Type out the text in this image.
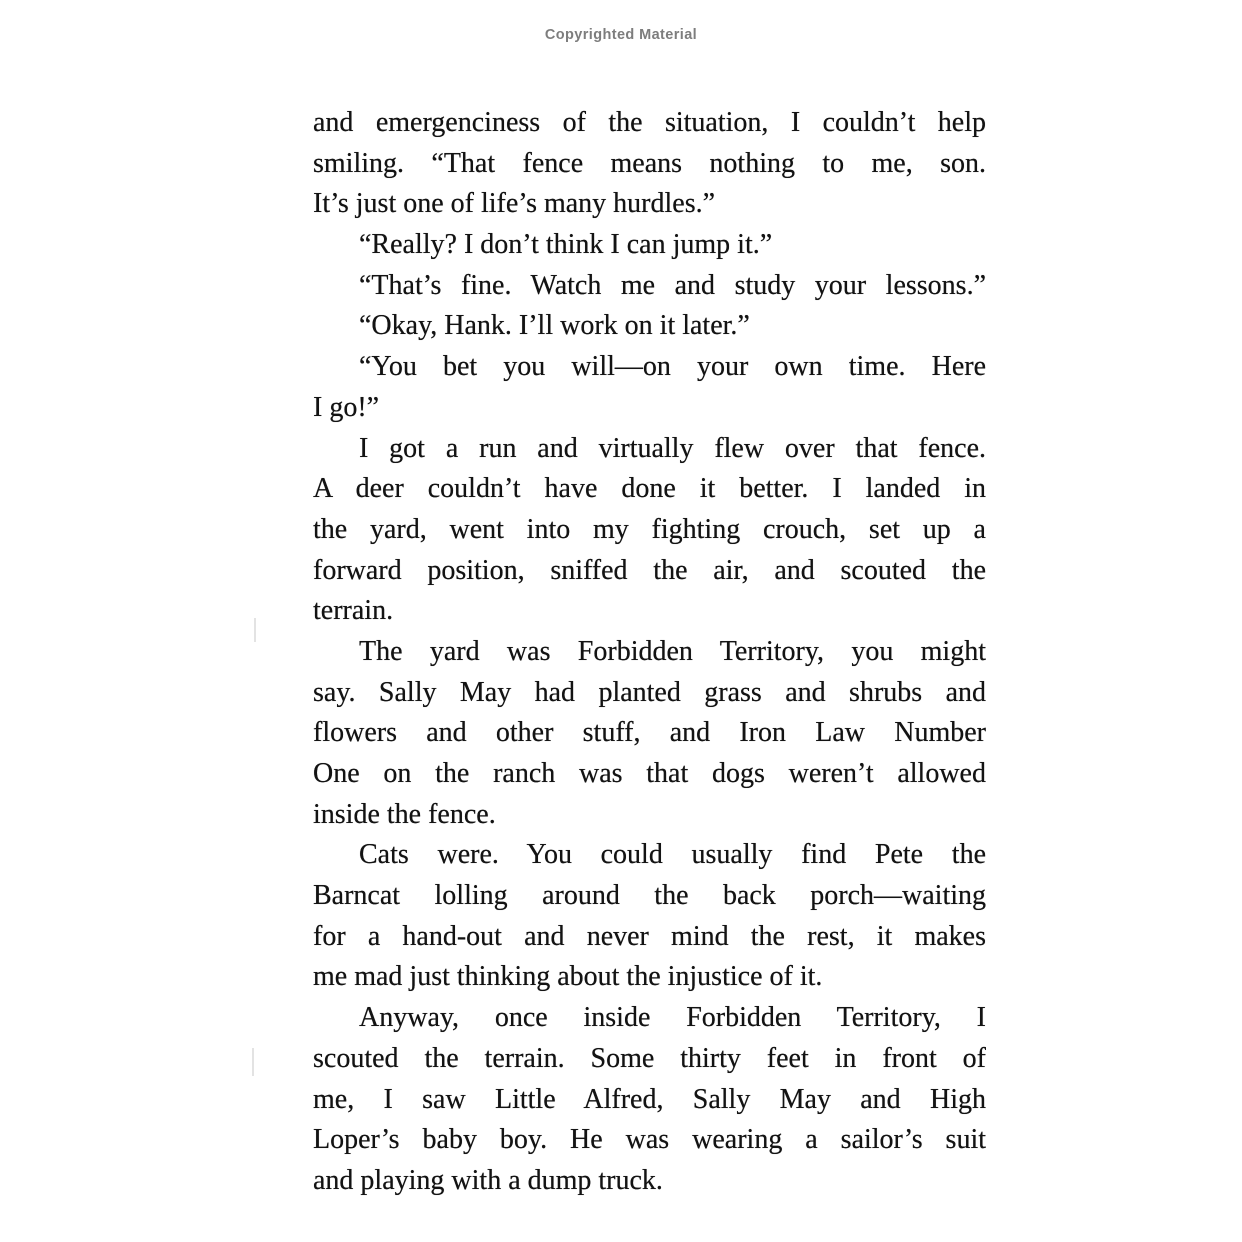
Copyrighted Material
and emergenciness of the situation, I couldn’t help
smiling. “That fence means nothing to me, son.
It’s just one of life’s many hurdles.”
“Really? I don’t think I can jump it.”
“That’s fine. Watch me and study your lessons.”
“Okay, Hank. I’ll work on it later.”
“You bet you will—on your own time. Here
I go!”
I got a run and virtually flew over that fence.
A deer couldn’t have done it better. I landed in
the yard, went into my fighting crouch, set up a
forward position, sniffed the air, and scouted the
terrain.
The yard was Forbidden Territory, you might
say. Sally May had planted grass and shrubs and
flowers and other stuff, and Iron Law Number
One on the ranch was that dogs weren’t allowed
inside the fence.
Cats were. You could usually find Pete the
Barncat lolling around the back porch—waiting
for a hand-out and never mind the rest, it makes
me mad just thinking about the injustice of it.
Anyway, once inside Forbidden Territory, I
scouted the terrain. Some thirty feet in front of
me, I saw Little Alfred, Sally May and High
Loper’s baby boy. He was wearing a sailor’s suit
and playing with a dump truck.
